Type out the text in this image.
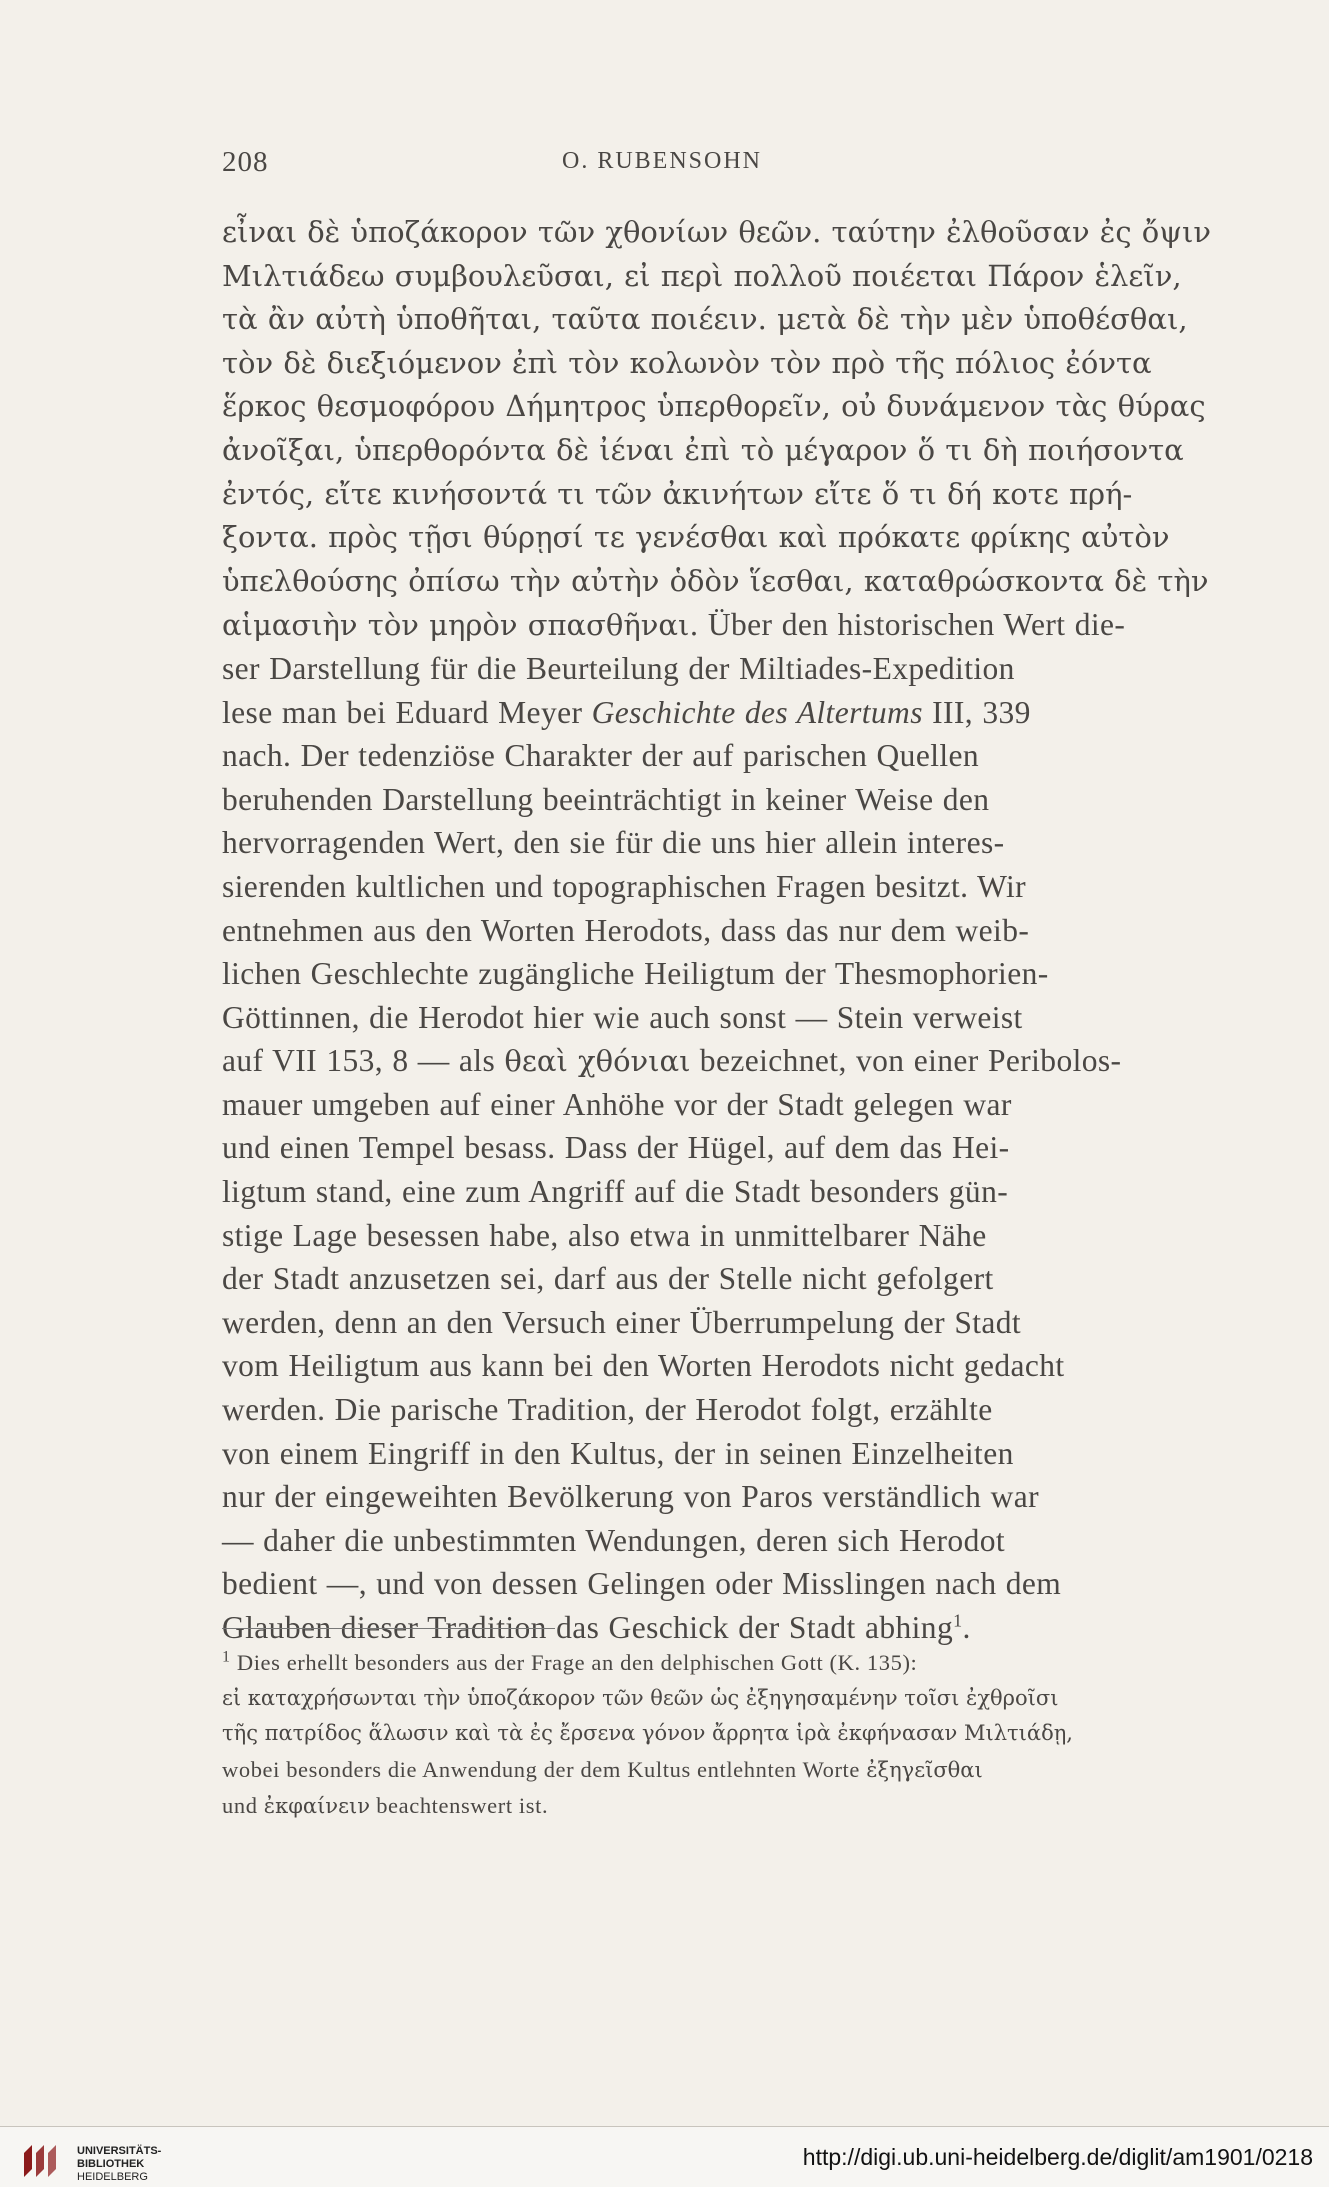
208	O. RUBENSOHN
εἶναι δὲ ὑποζάκορον τῶν χθονίων θεῶν. ταύτην ἐλθοῦσαν ἐς ὄψιν
Μιλτιάδεω συμβουλεῦσαι, εἰ περὶ πολλοῦ ποιέεται Πάρον ἑλεῖν,
τὰ ἂν αὐτὴ ὑποθῆται, ταῦτα ποιέειν. μετὰ δὲ τὴν μὲν ὑποθέσθαι,
τὸν δὲ διεξιόμενον ἐπὶ τὸν κολωνὸν τὸν πρὸ τῆς πόλιος ἐόντα
ἕρκος θεσμοφόρου Δήμητρος ὑπερθορεῖν, οὐ δυνάμενον τὰς θύρας
ἀνοῖξαι, ὑπερθορόντα δὲ ἰέναι ἐπὶ τὸ μέγαρον ὅ τι δὴ ποιήσοντα
ἐντός, εἴτε κινήσοντά τι τῶν ἀκινήτων εἴτε ὅ τι δή κοτε πρή-
ξοντα. πρὸς τῇσι θύρῃσί τε γενέσθαι καὶ πρόκατε φρίκης αὐτὸν
ὑπελθούσης ὀπίσω τὴν αὐτὴν ὁδὸν ἵεσθαι, καταθρώσκοντα δὲ τὴν
αἱμασιὴν τὸν μηρὸν σπασθῆναι. Über den historischen Wert die-
ser Darstellung für die Beurteilung der Miltiades-Expedition
lese man bei Eduard Meyer Geschichte des Altertums III, 339
nach. Der tedenziöse Charakter der auf parischen Quellen
beruhenden Darstellung beeinträchtigt in keiner Weise den
hervorragenden Wert, den sie für die uns hier allein interes-
sierenden kultlichen und topographischen Fragen besitzt. Wir
entnehmen aus den Worten Herodots, dass das nur dem weib-
lichen Geschlechte zugängliche Heiligtum der Thesmophorien-
Göttinnen, die Herodot hier wie auch sonst — Stein verweist
auf VII 153, 8 — als θεαὶ χθόνιαι bezeichnet, von einer Peribolos-
mauer umgeben auf einer Anhöhe vor der Stadt gelegen war
und einen Tempel besass. Dass der Hügel, auf dem das Hei-
ligtum stand, eine zum Angriff auf die Stadt besonders gün-
stige Lage besessen habe, also etwa in unmittelbarer Nähe
der Stadt anzusetzen sei, darf aus der Stelle nicht gefolgert
werden, denn an den Versuch einer Überrumpelung der Stadt
vom Heiligtum aus kann bei den Worten Herodots nicht gedacht
werden. Die parische Tradition, der Herodot folgt, erzählte
von einem Eingriff in den Kultus, der in seinen Einzelheiten
nur der eingeweihten Bevölkerung von Paros verständlich war
— daher die unbestimmten Wendungen, deren sich Herodot
bedient —, und von dessen Gelingen oder Misslingen nach dem
Glauben dieser Tradition das Geschick der Stadt abhing$^1$.
$^1$ Dies erhellt besonders aus der Frage an den delphischen Gott (K. 135):
εἰ καταχρήσωνται τὴν ὑποζάκορον τῶν θεῶν ὡς ἐξηγησαμένην τοῖσι ἐχθροῖσι
τῆς πατρίδος ἅλωσιν καὶ τὰ ἐς ἔρσενα γόνον ἄρρητα ἱρὰ ἐκφήνασαν Μιλτιάδῃ,
wobei besonders die Anwendung der dem Kultus entlehnten Worte ἐξηγεῖσθαι
und ἐκφαίνειν beachtenswert ist.
UNIVERSITÄTS-
BIBLIOTHEK
HEIDELBERG
http://digi.ub.uni-heidelberg.de/diglit/am1901/0218
